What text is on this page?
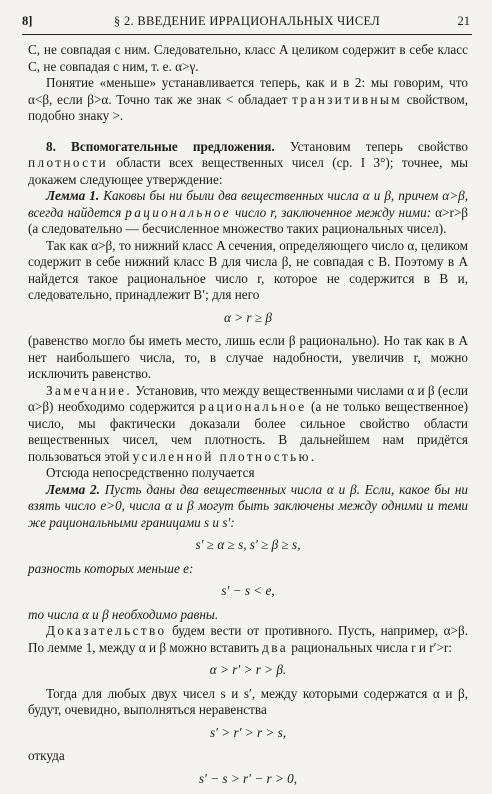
8]	§ 2. ВВЕДЕНИЕ ИРРАЦИОНАЛЬНЫХ ЧИСЕЛ	21

C, не совпадая с ним. Следовательно, класс A целиком содержит в себе класс C, не совпадая с ним, т. е. α>γ.

Понятие «меньше» устанавливается теперь, как и в 2: мы говорим, что α<β, если β>α. Точно так же знак < обладает транзитивным свойством, подобно знаку >.

8. Вспомогательные предложения. Установим теперь свойство плотности области всех вещественных чисел (ср. I 3°); точнее, мы докажем следующее утверждение:

Лемма 1. Каковы бы ни были два вещественных числа α и β, причем α>β, всегда найдется рациональное число r, заключенное между ними: α>r>β (а следовательно — бесчисленное множество таких рациональных чисел).

Так как α>β, то нижний класс A сечения, определяющего число α, целиком содержит в себе нижний класс B для числа β, не совпадая с B. Поэтому в A найдется такое рациональное число r, которое не содержится в B и, следовательно, принадлежит B′; для него

α > r ≥ β

(равенство могло бы иметь место, лишь если β рационально). Но так как в A нет наибольшего числа, то, в случае надобности, увеличив r, можно исключить равенство.

Замечание. Установив, что между вещественными числами α и β (если α>β) необходимо содержится рациональное (а не только вещественное) число, мы фактически доказали более сильное свойство области вещественных чисел, чем плотность. В дальнейшем нам придётся пользоваться этой усиленной плотностью.

Отсюда непосредственно получается

Лемма 2. Пусть даны два вещественных числа α и β. Если, какое бы ни взять число e>0, числа α и β могут быть заключены между одними и теми же рациональными границами s и s′:

s′ ≥ α ≥ s, s′ ≥ β ≥ s,

разность которых меньше e:

s′ − s < e,

то числа α и β необходимо равны.

Доказательство будем вести от противного. Пусть, например, α>β. По лемме 1, между α и β можно вставить два рациональных числа r и r′>r:

α > r′ > r > β.

Тогда для любых двух чисел s и s′, между которыми содержатся α и β, будут, очевидно, выполняться неравенства

s′ > r′ > r > s,

откуда

s′ − s > r′ − r > 0,
